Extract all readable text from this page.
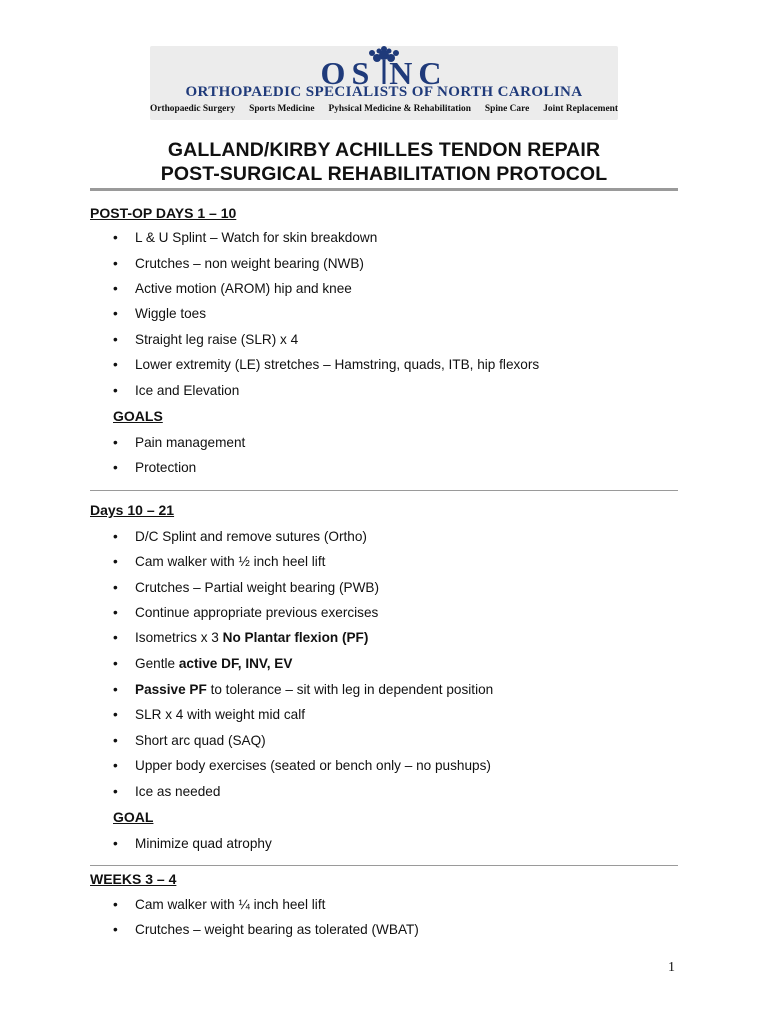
OS NC
ORTHOPAEDIC SPECIALISTS OF NORTH CAROLINA
Orthopaedic Surgery Sports Medicine Pyhsical Medicine & Rehabilitation Spine Care Joint Replacement
GALLAND/KIRBY ACHILLES TENDON REPAIR
POST-SURGICAL REHABILITATION PROTOCOL
POST-OP DAYS 1 – 10
• L & U Splint – Watch for skin breakdown
• Crutches – non weight bearing (NWB)
• Active motion (AROM) hip and knee
• Wiggle toes
• Straight leg raise (SLR) x 4
• Lower extremity (LE) stretches – Hamstring, quads, ITB, hip flexors
• Ice and Elevation
GOALS
• Pain management
• Protection
Days 10 – 21
• D/C Splint and remove sutures (Ortho)
• Cam walker with ½ inch heel lift
• Crutches – Partial weight bearing (PWB)
• Continue appropriate previous exercises
• Isometrics x 3 No Plantar flexion (PF)
• Gentle active DF, INV, EV
• Passive PF to tolerance – sit with leg in dependent position
• SLR x 4 with weight mid calf
• Short arc quad (SAQ)
• Upper body exercises (seated or bench only – no pushups)
• Ice as needed
GOAL
• Minimize quad atrophy
WEEKS 3 – 4
• Cam walker with ¼ inch heel lift
• Crutches – weight bearing as tolerated (WBAT)
1
